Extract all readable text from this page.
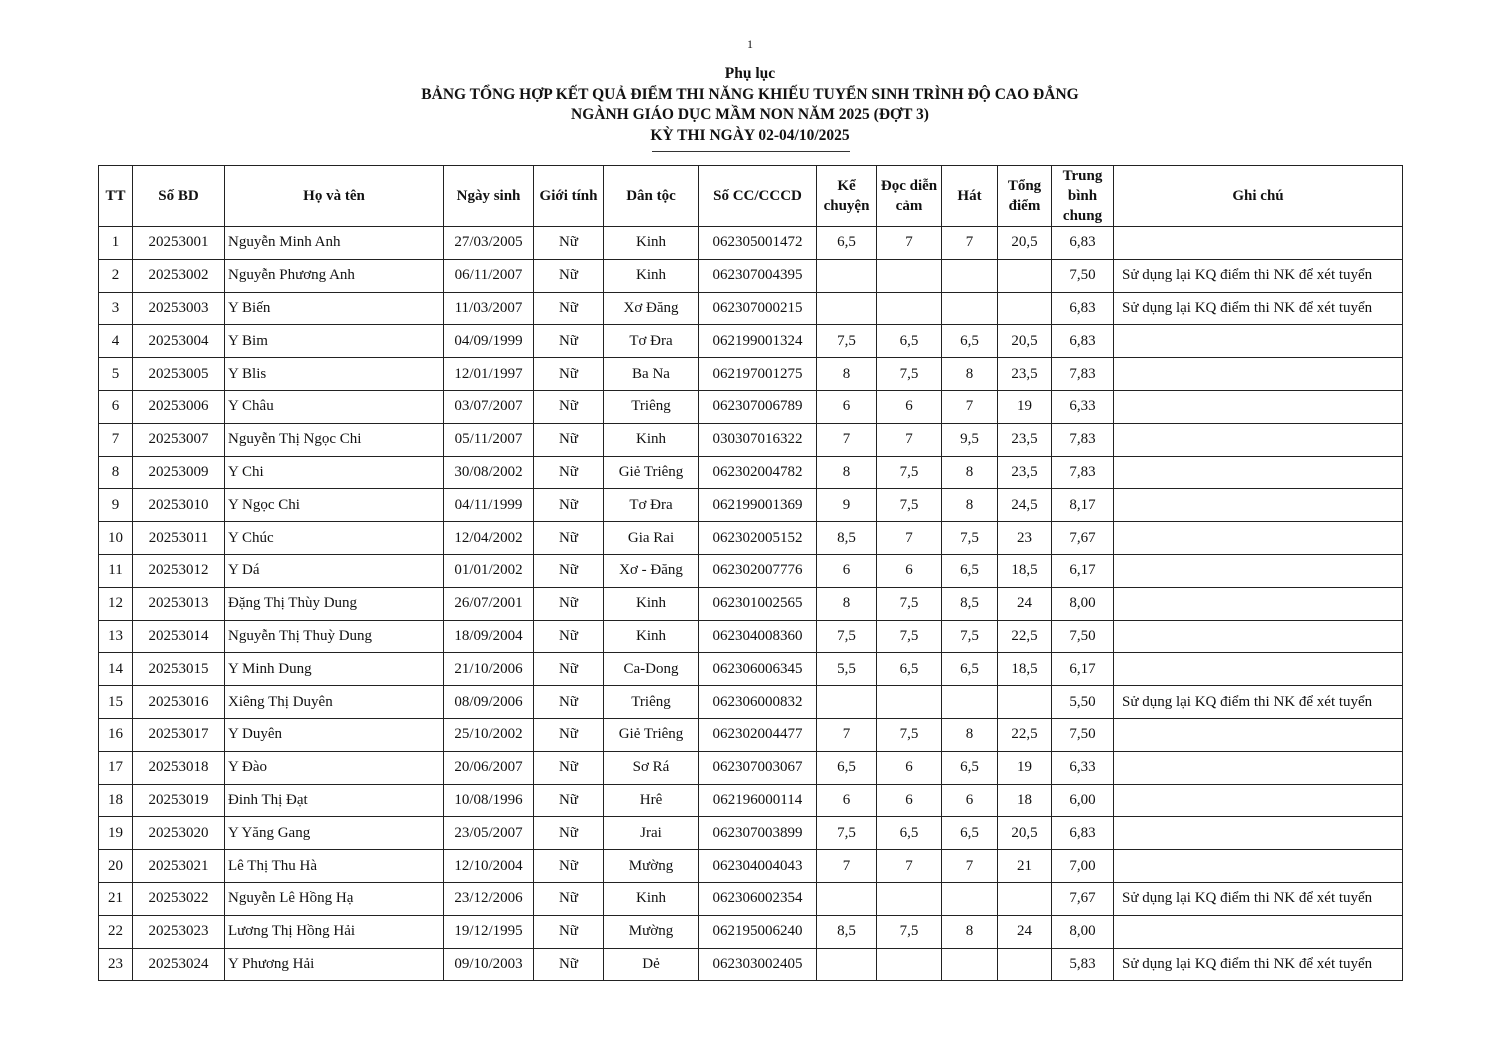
1
Phụ lục
BẢNG TỔNG HỢP KẾT QUẢ ĐIỂM THI NĂNG KHIẾU TUYỂN SINH TRÌNH ĐỘ CAO ĐẲNG
NGÀNH GIÁO DỤC MẦM NON NĂM 2025 (ĐỢT 3)
KỲ THI NGÀY 02-04/10/2025
TT	Số BD	Họ và tên	Ngày sinh	Giới tính	Dân tộc	Số CC/CCCD	Kể chuyện	Đọc diễn cảm	Hát	Tổng điểm	Trung bình chung	Ghi chú
1	20253001	Nguyễn Minh Anh	27/03/2005	Nữ	Kinh	062305001472	6,5	7	7	20,5	6,83	
2	20253002	Nguyễn Phương Anh	06/11/2007	Nữ	Kinh	062307004395					7,50	Sử dụng lại KQ điểm thi NK để xét tuyển
3	20253003	Y Biến	11/03/2007	Nữ	Xơ Đăng	062307000215					6,83	Sử dụng lại KQ điểm thi NK để xét tuyển
4	20253004	Y Bim	04/09/1999	Nữ	Tơ Đra	062199001324	7,5	6,5	6,5	20,5	6,83	
5	20253005	Y Blis	12/01/1997	Nữ	Ba Na	062197001275	8	7,5	8	23,5	7,83	
6	20253006	Y Châu	03/07/2007	Nữ	Triêng	062307006789	6	6	7	19	6,33	
7	20253007	Nguyễn Thị Ngọc Chi	05/11/2007	Nữ	Kinh	030307016322	7	7	9,5	23,5	7,83	
8	20253009	Y Chi	30/08/2002	Nữ	Giẻ Triêng	062302004782	8	7,5	8	23,5	7,83	
9	20253010	Y Ngọc Chi	04/11/1999	Nữ	Tơ Đra	062199001369	9	7,5	8	24,5	8,17	
10	20253011	Y Chúc	12/04/2002	Nữ	Gia Rai	062302005152	8,5	7	7,5	23	7,67	
11	20253012	Y Dá	01/01/2002	Nữ	Xơ - Đăng	062302007776	6	6	6,5	18,5	6,17	
12	20253013	Đặng Thị Thùy Dung	26/07/2001	Nữ	Kinh	062301002565	8	7,5	8,5	24	8,00	
13	20253014	Nguyễn Thị Thuỳ Dung	18/09/2004	Nữ	Kinh	062304008360	7,5	7,5	7,5	22,5	7,50	
14	20253015	Y Minh Dung	21/10/2006	Nữ	Ca-Dong	062306006345	5,5	6,5	6,5	18,5	6,17	
15	20253016	Xiêng Thị Duyên	08/09/2006	Nữ	Triêng	062306000832					5,50	Sử dụng lại KQ điểm thi NK để xét tuyển
16	20253017	Y Duyên	25/10/2002	Nữ	Giẻ Triêng	062302004477	7	7,5	8	22,5	7,50	
17	20253018	Y Đào	20/06/2007	Nữ	Sơ Rá	062307003067	6,5	6	6,5	19	6,33	
18	20253019	Đinh Thị Đạt	10/08/1996	Nữ	Hrê	062196000114	6	6	6	18	6,00	
19	20253020	Y Yăng Gang	23/05/2007	Nữ	Jrai	062307003899	7,5	6,5	6,5	20,5	6,83	
20	20253021	Lê Thị Thu Hà	12/10/2004	Nữ	Mường	062304004043	7	7	7	21	7,00	
21	20253022	Nguyễn Lê Hồng Hạ	23/12/2006	Nữ	Kinh	062306002354					7,67	Sử dụng lại KQ điểm thi NK để xét tuyển
22	20253023	Lương Thị Hồng Hải	19/12/1995	Nữ	Mường	062195006240	8,5	7,5	8	24	8,00	
23	20253024	Y Phương Hải	09/10/2003	Nữ	Dẻ	062303002405					5,83	Sử dụng lại KQ điểm thi NK để xét tuyển
